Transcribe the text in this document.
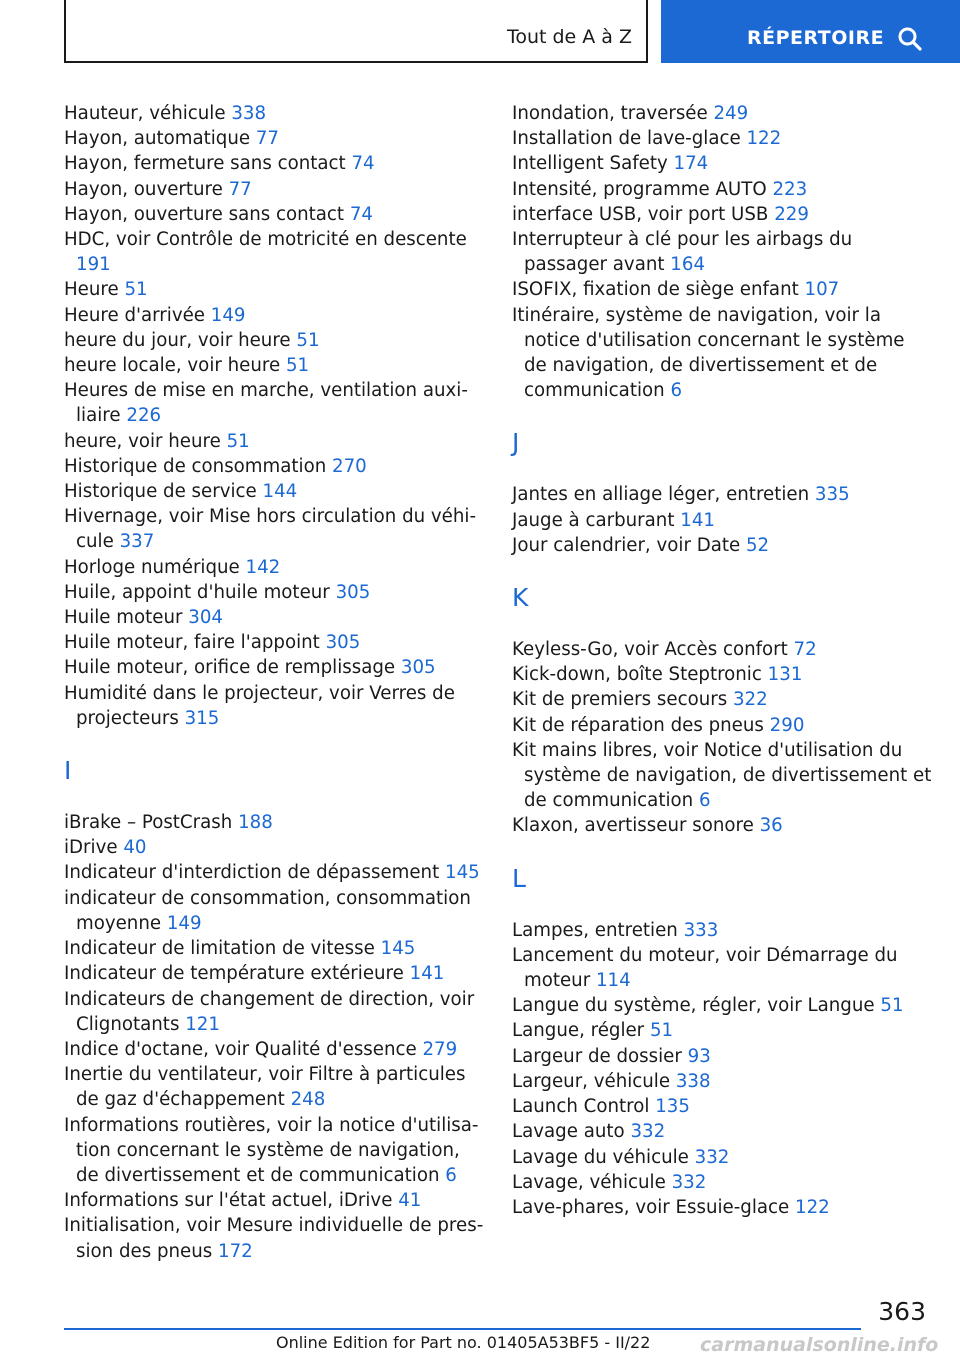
Tout de A à Z	RÉPERTOIRE
Hauteur, véhicule 338
Hayon, automatique 77
Hayon, fermeture sans contact 74
Hayon, ouverture 77
Hayon, ouverture sans contact 74
HDC, voir Contrôle de motricité en descente 191
Heure 51
Heure d'arrivée 149
heure du jour, voir heure 51
heure locale, voir heure 51
Heures de mise en marche, ventilation auxiliaire 226
heure, voir heure 51
Historique de consommation 270
Historique de service 144
Hivernage, voir Mise hors circulation du véhicule 337
Horloge numérique 142
Huile, appoint d'huile moteur 305
Huile moteur 304
Huile moteur, faire l'appoint 305
Huile moteur, orifice de remplissage 305
Humidité dans le projecteur, voir Verres de projecteurs 315
I
iBrake – PostCrash 188
iDrive 40
Indicateur d'interdiction de dépassement 145
indicateur de consommation, consommation moyenne 149
Indicateur de limitation de vitesse 145
Indicateur de température extérieure 141
Indicateurs de changement de direction, voir Clignotants 121
Indice d'octane, voir Qualité d'essence 279
Inertie du ventilateur, voir Filtre à particules de gaz d'échappement 248
Informations routières, voir la notice d'utilisation concernant le système de navigation, de divertissement et de communication 6
Informations sur l'état actuel, iDrive 41
Initialisation, voir Mesure individuelle de pression des pneus 172
Inondation, traversée 249
Installation de lave-glace 122
Intelligent Safety 174
Intensité, programme AUTO 223
interface USB, voir port USB 229
Interrupteur à clé pour les airbags du passager avant 164
ISOFIX, fixation de siège enfant 107
Itinéraire, système de navigation, voir la notice d'utilisation concernant le système de navigation, de divertissement et de communication 6
J
Jantes en alliage léger, entretien 335
Jauge à carburant 141
Jour calendrier, voir Date 52
K
Keyless-Go, voir Accès confort 72
Kick-down, boîte Steptronic 131
Kit de premiers secours 322
Kit de réparation des pneus 290
Kit mains libres, voir Notice d'utilisation du système de navigation, de divertissement et de communication 6
Klaxon, avertisseur sonore 36
L
Lampes, entretien 333
Lancement du moteur, voir Démarrage du moteur 114
Langue du système, régler, voir Langue 51
Langue, régler 51
Largeur de dossier 93
Largeur, véhicule 338
Launch Control 135
Lavage auto 332
Lavage du véhicule 332
Lavage, véhicule 332
Lave-phares, voir Essuie-glace 122
363
Online Edition for Part no. 01405A53BF5 - II/22	carmanualsonline.info
